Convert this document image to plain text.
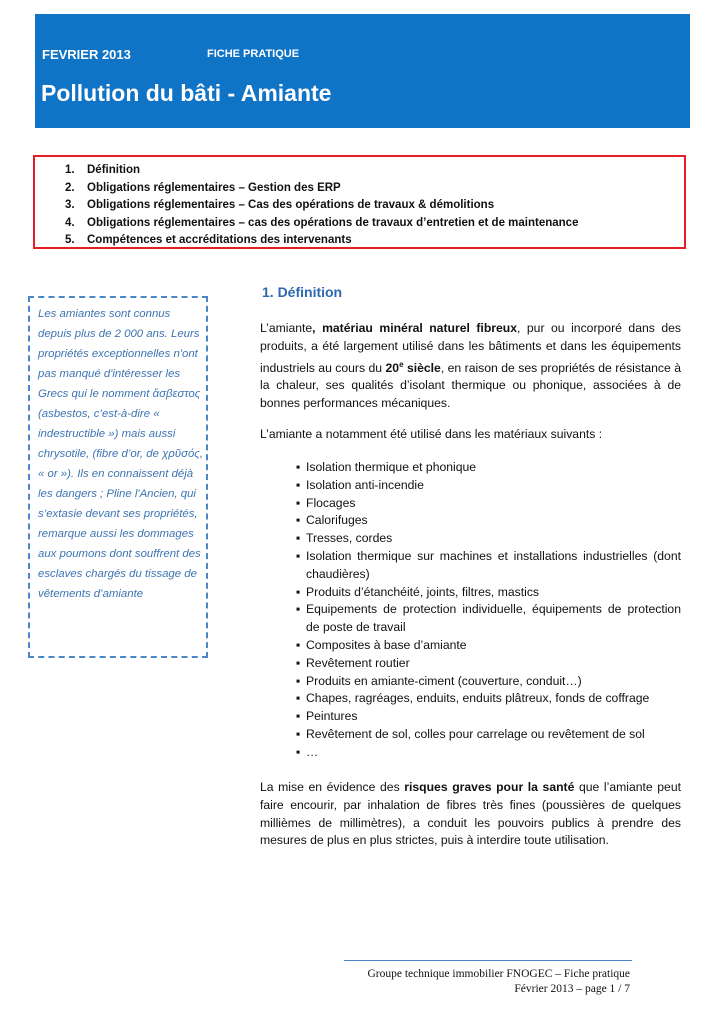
FEVRIER 2013	FICHE PRATIQUE
Pollution du bâti - Amiante
1. Définition
2. Obligations réglementaires – Gestion des ERP
3. Obligations réglementaires – Cas des opérations de travaux & démolitions
4. Obligations réglementaires – cas des opérations de travaux d’entretien et de maintenance
5. Compétences et accréditations des intervenants

Les amiantes sont connus depuis plus de 2 000 ans. Leurs propriétés exceptionnelles n'ont pas manqué d'intéresser les Grecs qui le nomment ἄσβεστος (asbestos, c’est-à-dire « indestructible ») mais aussi chrysotile, (fibre d’or, de χρῦσός, « or »). Ils en connaissent déjà les dangers ; Pline l'Ancien, qui s’extasie devant ses propriétés, remarque aussi les dommages aux poumons dont souffrent des esclaves chargés du tissage de vêtements d’amiante

1. Définition

L’amiante, matériau minéral naturel fibreux, pur ou incorporé dans des produits, a été largement utilisé dans les bâtiments et dans les équipements industriels au cours du 20e siècle, en raison de ses propriétés de résistance à la chaleur, ses qualités d’isolant thermique ou phonique, associées à de bonnes performances mécaniques.

L’amiante a notamment été utilisé dans les matériaux suivants :

▪ Isolation thermique et phonique
▪ Isolation anti-incendie
▪ Flocages
▪ Calorifuges
▪ Tresses, cordes
▪ Isolation thermique sur machines et installations industrielles (dont chaudières)
▪ Produits d’étanchéité, joints, filtres, mastics
▪ Equipements de protection individuelle, équipements de protection de poste de travail
▪ Composites à base d’amiante
▪ Revêtement routier
▪ Produits en amiante-ciment (couverture, conduit…)
▪ Chapes, ragréages, enduits, enduits plâtreux, fonds de coffrage
▪ Peintures
▪ Revêtement de sol, colles pour carrelage ou revêtement de sol
▪ …

La mise en évidence des risques graves pour la santé que l’amiante peut faire encourir, par inhalation de fibres très fines (poussières de quelques millièmes de millimètres), a conduit les pouvoirs publics à prendre des mesures de plus en plus strictes, puis à interdire toute utilisation.

Groupe technique immobilier FNOGEC – Fiche pratique
Février 2013 – page 1 / 7
